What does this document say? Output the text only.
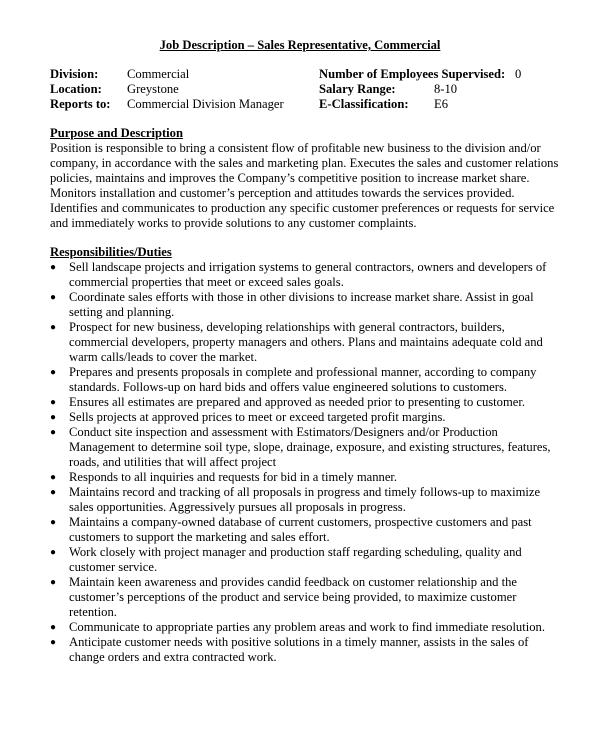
Job Description – Sales Representative, Commercial
Division: Commercial	Number of Employees Supervised: 0
Location: Greystone	Salary Range:	8-10
Reports to: Commercial Division Manager	E-Classification: E6
Purpose and Description

Position is responsible to bring a consistent flow of profitable new business to the division and/or company, in accordance with the sales and marketing plan. Executes the sales and customer relations policies, maintains and improves the Company’s competitive position to increase market share. Monitors installation and customer’s perception and attitudes towards the services provided. Identifies and communicates to production any specific customer preferences or requests for service and immediately works to provide solutions to any customer complaints.

Responsibilities/Duties
● Sell landscape projects and irrigation systems to general contractors, owners and developers of commercial properties that meet or exceed sales goals.
● Coordinate sales efforts with those in other divisions to increase market share. Assist in goal setting and planning.
● Prospect for new business, developing relationships with general contractors, builders, commercial developers, property managers and others. Plans and maintains adequate cold and warm calls/leads to cover the market.
● Prepares and presents proposals in complete and professional manner, according to company standards. Follows-up on hard bids and offers value engineered solutions to customers.
● Ensures all estimates are prepared and approved as needed prior to presenting to customer.
● Sells projects at approved prices to meet or exceed targeted profit margins.
● Conduct site inspection and assessment with Estimators/Designers and/or Production Management to determine soil type, slope, drainage, exposure, and existing structures, features, roads, and utilities that will affect project
● Responds to all inquiries and requests for bid in a timely manner.
● Maintains record and tracking of all proposals in progress and timely follows-up to maximize sales opportunities. Aggressively pursues all proposals in progress.
● Maintains a company-owned database of current customers, prospective customers and past customers to support the marketing and sales effort.
● Work closely with project manager and production staff regarding scheduling, quality and customer service.
● Maintain keen awareness and provides candid feedback on customer relationship and the customer’s perceptions of the product and service being provided, to maximize customer retention.
● Communicate to appropriate parties any problem areas and work to find immediate resolution.
● Anticipate customer needs with positive solutions in a timely manner, assists in the sales of change orders and extra contracted work.
